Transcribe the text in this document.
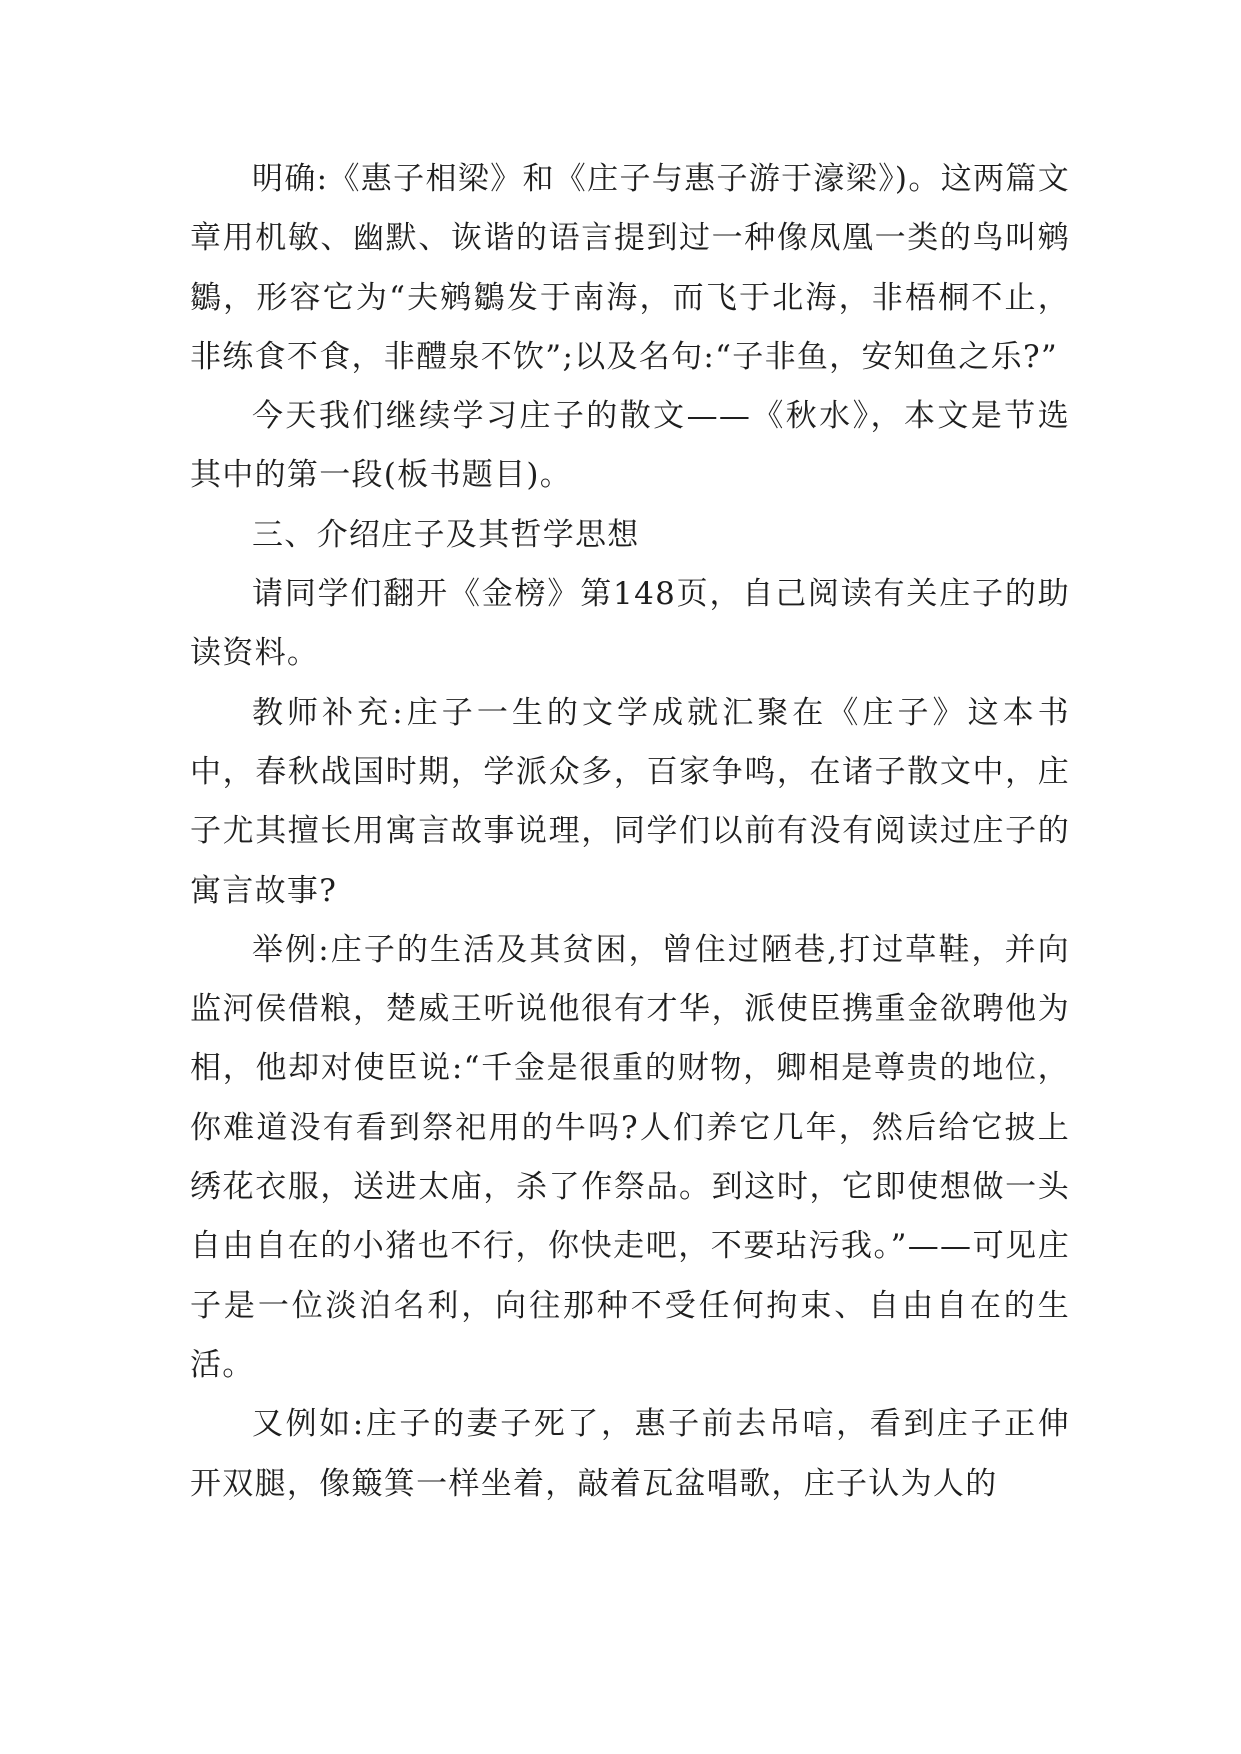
明确:《惠子相梁》和《庄子与惠子游于濠梁》)。这两篇文章用机敏、幽默、诙谐的语言提到过一种像凤凰一类的鸟叫鹓鶵，形容它为“夫鹓鶵发于南海，而飞于北海，非梧桐不止，非练食不食，非醴泉不饮”;以及名句:“子非鱼，安知鱼之乐?”

今天我们继续学习庄子的散文——《秋水》，本文是节选其中的第一段(板书题目)。

三、介绍庄子及其哲学思想

请同学们翻开《金榜》第148页，自己阅读有关庄子的助读资料。

教师补充:庄子一生的文学成就汇聚在《庄子》这本书中，春秋战国时期，学派众多，百家争鸣，在诸子散文中，庄子尤其擅长用寓言故事说理，同学们以前有没有阅读过庄子的寓言故事?

举例:庄子的生活及其贫困，曾住过陋巷,打过草鞋，并向监河侯借粮，楚威王听说他很有才华，派使臣携重金欲聘他为相，他却对使臣说:“千金是很重的财物，卿相是尊贵的地位，你难道没有看到祭祀用的牛吗?人们养它几年，然后给它披上绣花衣服，送进太庙，杀了作祭品。到这时，它即使想做一头自由自在的小猪也不行，你快走吧，不要玷污我。”——可见庄子是一位淡泊名利，向往那种不受任何拘束、自由自在的生活。

又例如:庄子的妻子死了，惠子前去吊唁，看到庄子正伸开双腿，像簸箕一样坐着，敲着瓦盆唱歌，庄子认为人的
